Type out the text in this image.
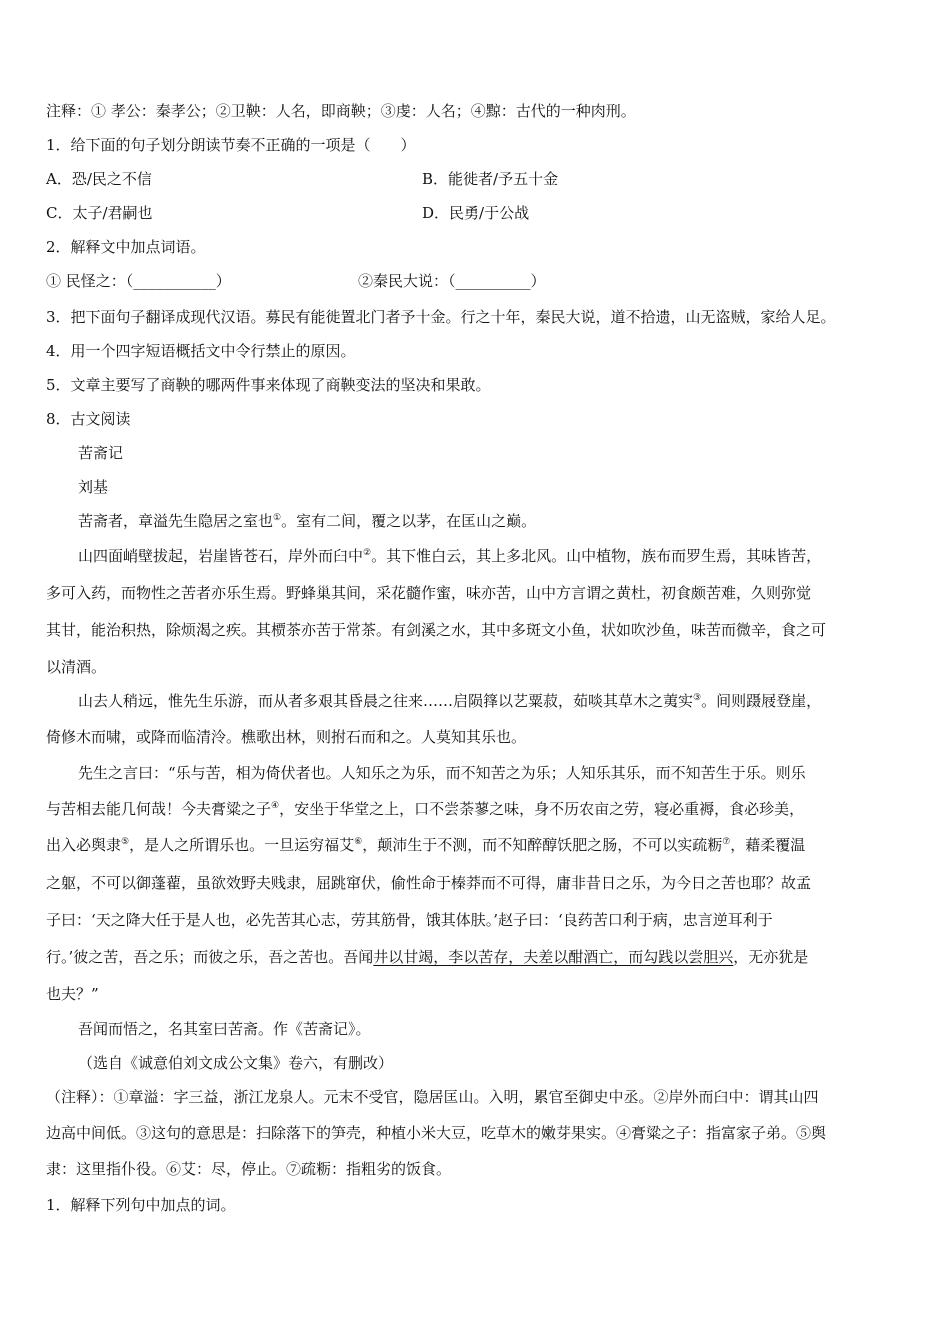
注释：① 孝公：秦孝公；②卫鞅：人名，即商鞅；③虔：人名；④黥：古代的一种肉刑。
1．给下面的句子划分朗读节奏不正确的一项是（　　）
A．恐/民之不信	B．能徙者/予五十金
C．太子/君嗣也	D．民勇/于公战
2．解释文中加点词语。
① 民怪之：（___________）	②秦民大说：（__________）
3．把下面句子翻译成现代汉语。募民有能徙置北门者予十金。行之十年，秦民大说，道不拾遗，山无盗贼，家给人足。
4．用一个四字短语概括文中令行禁止的原因。
5．文章主要写了商鞅的哪两件事来体现了商鞅变法的坚决和果敢。
8．古文阅读
苦斋记
刘基
苦斋者，章溢先生隐居之室也①。室有二间，覆之以茅，在匡山之巅。
山四面峭壁拔起，岩崖皆苍石，岸外而臼中②。其下惟白云，其上多北风。山中植物，族布而罗生焉，其味皆苦，
多可入药，而物性之苦者亦乐生焉。野蜂巢其间，采花髓作蜜，味亦苦，山中方言谓之黄杜，初食颇苦难，久则弥觉
其甘，能治积热，除烦渴之疾。其槚茶亦苦于常茶。有剑溪之水，其中多斑文小鱼，状如吹沙鱼，味苦而微辛，食之可
以清酒。
山去人稍远，惟先生乐游，而从者多艰其昏晨之往来……启陨箨以艺粟菽，茹啖其草木之荑实③。间则蹑屐登崖，
倚修木而啸，或降而临清泠。樵歌出林，则拊石而和之。人莫知其乐也。
先生之言曰：“乐与苦，相为倚伏者也。人知乐之为乐，而不知苦之为乐；人知乐其乐，而不知苦生于乐。则乐
与苦相去能几何哉！今夫膏粱之子④，安坐于华堂之上，口不尝荼蓼之味，身不历农亩之劳，寝必重褥，食必珍美，
出入必舆隶⑤，是人之所谓乐也。一旦运穷福艾⑥，颠沛生于不测，而不知醉醇饫肥之肠，不可以实疏粝⑦，藉柔覆温
之躯，不可以御蓬藋，虽欲效野夫贱隶，屈跳窜伏，偷性命于榛莽而不可得，庸非昔日之乐，为今日之苦也耶？故孟
子曰：‘天之降大任于是人也，必先苦其心志，劳其筋骨，饿其体肤。’赵子曰：‘良药苦口利于病，忠言逆耳利于
行。’彼之苦，吾之乐；而彼之乐，吾之苦也。吾闻井以甘竭，李以苦存，夫差以酣酒亡，而勾践以尝胆兴，无亦犹是
也夫？”
吾闻而悟之，名其室曰苦斋。作《苦斋记》。
（选自《诚意伯刘文成公文集》卷六，有删改）
（注释）：①章溢：字三益，浙江龙泉人。元末不受官，隐居匡山。入明，累官至御史中丞。②岸外而臼中：谓其山四
边高中间低。③这句的意思是：扫除落下的笋壳，种植小米大豆，吃草木的嫩芽果实。④膏粱之子：指富家子弟。⑤舆
隶：这里指仆役。⑥艾：尽，停止。⑦疏粝：指粗劣的饭食。
1．解释下列句中加点的词。
